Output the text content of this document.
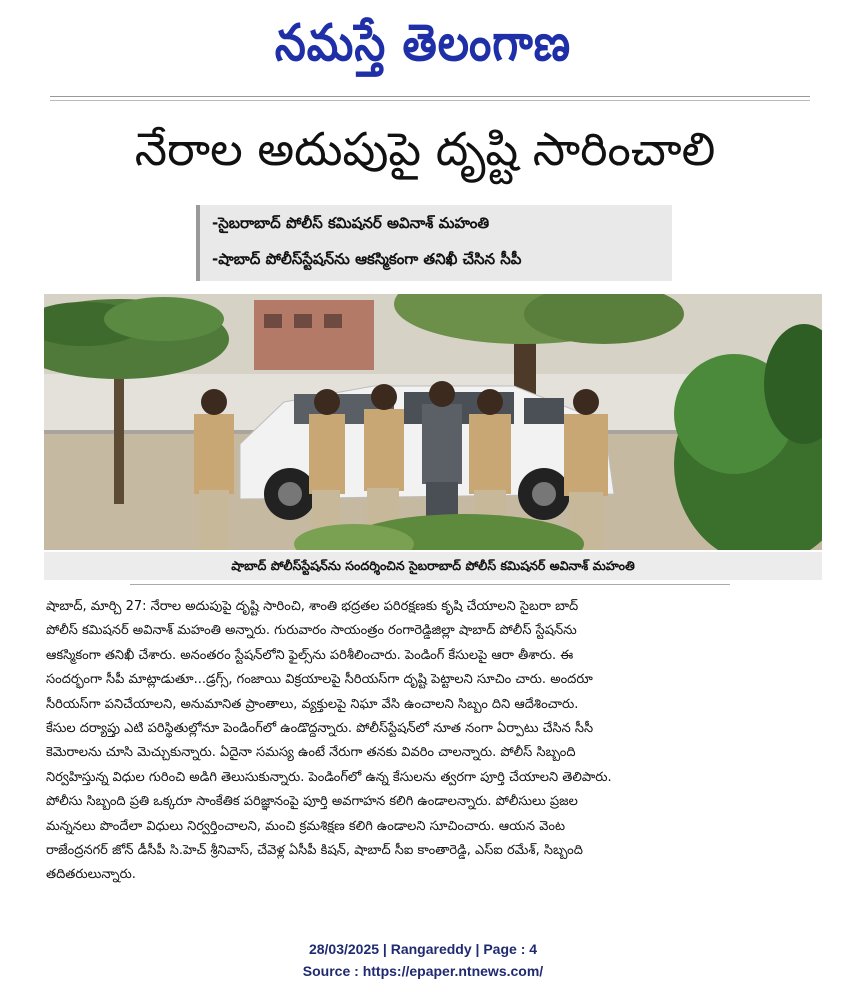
నమస్తే తెలంగాణ
నేరాల అదుపుపై దృష్టి సారించాలి
-సైబరాబాద్ పోలీస్ కమిషనర్ అవినాశ్ మహంతి
-షాబాద్ పోలీస్‌స్టేషన్‌ను ఆకస్మికంగా తనిఖీ చేసిన సీపీ
షాబాద్ పోలీస్‌స్టేషన్‌ను సందర్శించిన సైబరాబాద్ పోలీస్ కమిషనర్ అవినాశ్ మహంతి

షాబాద్, మార్చి 27: నేరాల అదుపుపై దృష్టి సారించి, శాంతి భద్రతల పరిరక్షణకు కృషి చేయాలని సైబరా బాద్

పోలీస్ కమిషనర్ అవినాశ్ మహంతి అన్నారు. గురువారం సాయంత్రం రంగారెడ్డిజిల్లా షాబాద్ పోలీస్ స్టేషన్‌ను

ఆకస్మికంగా తనిఖీ చేశారు. అనంతరం స్టేషన్‌లోని ఫైల్స్‌ను పరిశీలించారు. పెండింగ్ కేసులపై ఆరా తీశారు. ఈ

సందర్భంగా సీపీ మాట్లాడుతూ...డ్రగ్స్, గంజాయి విక్రయాలపై సీరియస్‌గా దృష్టి పెట్టాలని సూచిం చారు. అందరూ

సీరియస్‌గా పనిచేయాలని, అనుమానిత ప్రాంతాలు, వ్యక్తులపై నిఘా వేసి ఉంచాలని సిబ్బం దిని ఆదేశించారు.

కేసుల దర్యాప్తు ఎటి పరిస్థితుల్లోనూ పెండింగ్‌లో ఉండొద్దన్నారు. పోలీస్‌స్టేషన్‌లో నూత నంగా ఏర్పాటు చేసిన సీసీ

కెమెరాలను చూసి మెచ్చుకున్నారు. ఏదైనా సమస్య ఉంటే నేరుగా తనకు వివరిం చాలన్నారు. పోలీస్ సిబ్బంది

నిర్వహిస్తున్న విధుల గురించి అడిగి తెలుసుకున్నారు. పెండింగ్‌లో ఉన్న కేసులను త్వరగా పూర్తి చేయాలని తెలిపారు.

పోలీసు సిబ్బంది ప్రతి ఒక్కరూ సాంకేతిక పరిజ్ఞానంపై పూర్తి అవగాహన కలిగి ఉండాలన్నారు. పోలీసులు ప్రజల

మన్ననలు పొందేలా విధులు నిర్వర్తించాలని, మంచి క్రమశిక్షణ కలిగి ఉండాలని సూచించారు. ఆయన వెంట

రాజేంద్రనగర్ జోన్ డీసీపీ సి.హెచ్ శ్రీనివాస్, చేవెళ్ల ఏసీపీ కిషన్, షాబాద్ సీఐ కాంతారెడ్డి, ఎస్ఐ రమేశ్, సిబ్బంది

తదితరులున్నారు.

28/03/2025 | Rangareddy | Page : 4
Source : https://epaper.ntnews.com/
